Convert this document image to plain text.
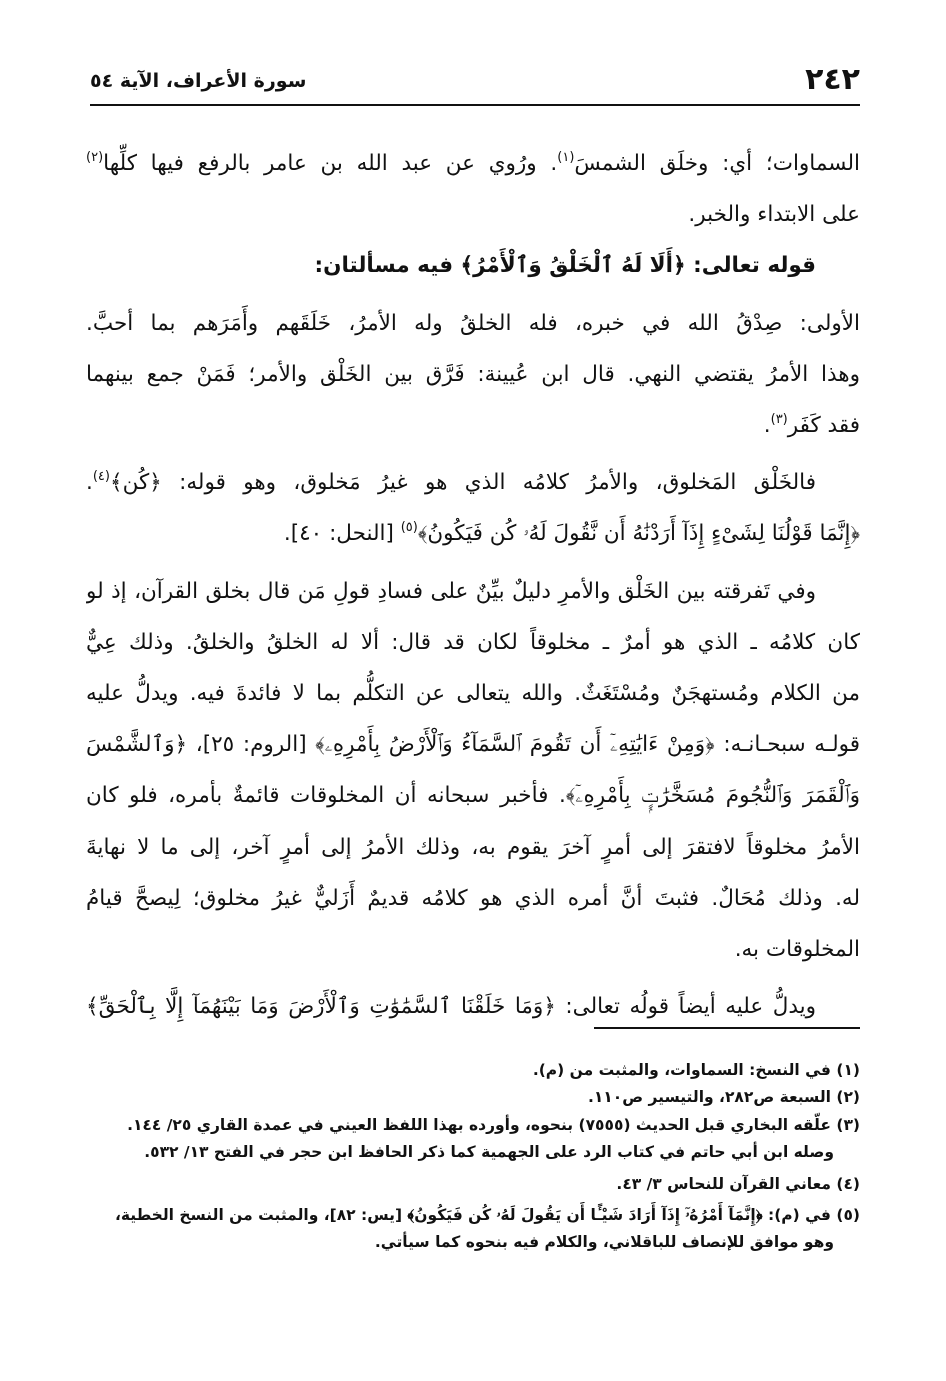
٢٤٢
سورة الأعراف، الآية ٥٤
السماوات؛ أي: وخلَق الشمسَ$^{(١)}$. ورُوي عن عبد الله بن عامر بالرفع فيها كلِّها$^{(٢)}$
على الابتداء والخبر.
قوله تعالى: ﴿أَلَا لَهُ ٱلْخَلْقُ وَٱلْأَمْرُ﴾ فيه مسألتان:
الأولى: صِدْقُ الله في خبره، فله الخلقُ وله الأمرُ، خَلَقَهم وأَمَرَهم بما أحبَّ.
وهذا الأمرُ يقتضي النهي. قال ابن عُيينة: فَرَّق بين الخَلْق والأمر؛ فَمَنْ جمع بينهما
فقد كَفَر$^{(٣)}$.
فالخَلْق المَخلوق، والأمرُ كلامُه الذي هو غيرُ مَخلوق، وهو قوله: ﴿كُن﴾$^{(٤)}$.
﴿إِنَّمَا قَوْلُنَا لِشَىْءٍ إِذَآ أَرَدْنَٰهُ أَن نَّقُولَ لَهُۥ كُن فَيَكُونُ﴾$^{(٥)}$ [النحل: ٤٠].
وفي تَفرقته بين الخَلْق والأمرِ دليلٌ بيِّنٌ على فسادِ قولِ مَن قال بخلق القرآن، إذ لو
كان كلامُه ـ الذي هو أمرٌ ـ مخلوقاً لكان قد قال: ألا له الخلقُ والخلقُ. وذلك عِيٌّ
من الكلام ومُستهجَنٌ ومُسْتَغَثٌ. والله يتعالى عن التكلُّم بما لا فائدةَ فيه. ويدلُّ عليه
قولـه سبحـانـه: ﴿وَمِنْ ءَايَٰتِهِۦٓ أَن تَقُومَ ٱلسَّمَآءُ وَٱلْأَرْضُ بِأَمْرِهِۦ﴾ [الروم: ٢٥]، ﴿وَٱلشَّمْسَ
وَٱلْقَمَرَ وَٱلنُّجُومَ مُسَخَّرَٰتٍۭ بِأَمْرِهِۦٓ﴾. فأخبر سبحانه أن المخلوقات قائمةٌ بأمره، فلو كان
الأمرُ مخلوقاً لافتقرَ إلى أمرٍ آخرَ يقوم به، وذلك الأمرُ إلى أمرٍ آخر، إلى ما لا نهايةَ
له. وذلك مُحَالٌ. فثبتَ أنَّ أمره الذي هو كلامُه قديمٌ أَزَليٌّ غيرُ مخلوق؛ لِيصحَّ قيامُ
المخلوقات به.
ويدلُّ عليه أيضاً قولُه تعالى: ﴿وَمَا خَلَقْنَا ٱلسَّمَٰوَٰتِ وَٱلْأَرْضَ وَمَا بَيْنَهُمَآ إِلَّا بِٱلْحَقِّ﴾
(١) في النسخ: السماوات، والمثبت من (م).
(٢) السبعة ص٢٨٢، والتيسير ص١١٠.
(٣) علّقه البخاري قبل الحديث (٧٥٥٥) بنحوه، وأورده بهذا اللفظ العيني في عمدة القاري ٢٥/ ١٤٤.
وصله ابن أبي حاتم في كتاب الرد على الجهمية كما ذكر الحافظ ابن حجر في الفتح ١٣/ ٥٣٢.
(٤) معاني القرآن للنحاس ٣/ ٤٣.
(٥) في (م): ﴿إِنَّمَآ أَمْرُهُۥٓ إِذَآ أَرَادَ شَيْـًٔا أَن يَقُولَ لَهُۥ كُن فَيَكُونُ﴾ [يس: ٨٢]، والمثبت من النسخ الخطية،
وهو موافق للإنصاف للباقلاني، والكلام فيه بنحوه كما سيأتي.
